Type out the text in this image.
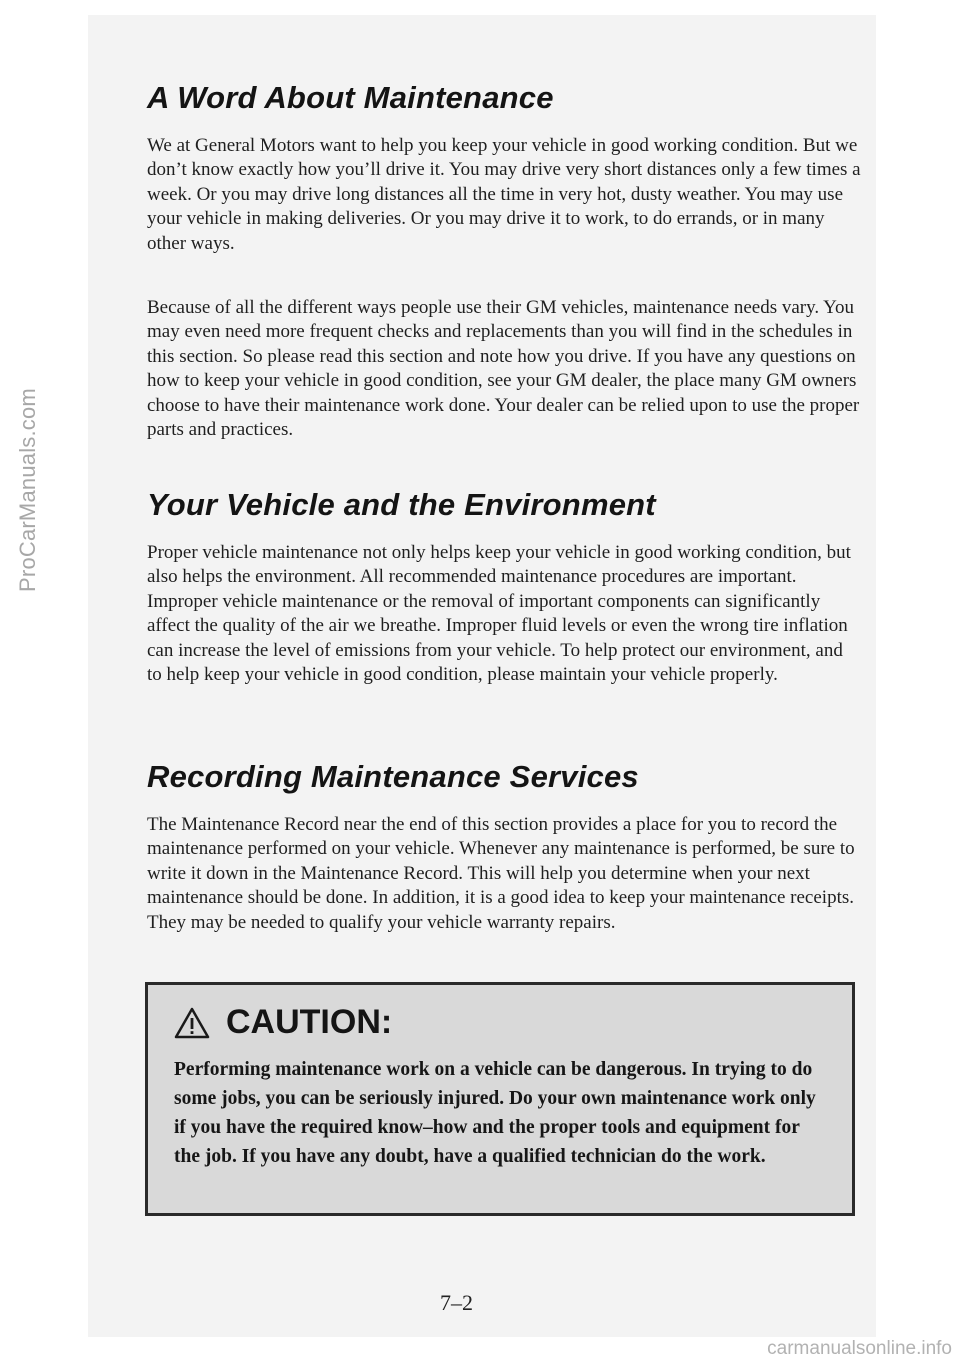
ProCarManuals.com
A Word About Maintenance

We at General Motors want to help you keep your vehicle in good working condition. But we don’t know exactly how you’ll drive it. You may drive very short distances only a few times a week. Or you may drive long distances all the time in very hot, dusty weather. You may use your vehicle in making deliveries. Or you may drive it to work, to do errands, or in many other ways.

Because of all the different ways people use their GM vehicles, maintenance needs vary. You may even need more frequent checks and replacements than you will find in the schedules in this section. So please read this section and note how you drive. If you have any questions on how to keep your vehicle in good condition, see your GM dealer, the place many GM owners choose to have their maintenance work done. Your dealer can be relied upon to use the proper parts and practices.

Your Vehicle and the Environment

Proper vehicle maintenance not only helps keep your vehicle in good working condition, but also helps the environment. All recommended maintenance procedures are important. Improper vehicle maintenance or the removal of important components can significantly affect the quality of the air we breathe. Improper fluid levels or even the wrong tire inflation can increase the level of emissions from your vehicle. To help protect our environment, and to help keep your vehicle in good condition, please maintain your vehicle properly.

Recording Maintenance Services

The Maintenance Record near the end of this section provides a place for you to record the maintenance performed on your vehicle. Whenever any maintenance is performed, be sure to write it down in the Maintenance Record. This will help you determine when your next maintenance should be done. In addition, it is a good idea to keep your maintenance receipts. They may be needed to qualify your vehicle warranty repairs.

CAUTION:
Performing maintenance work on a vehicle can be dangerous. In trying to do some jobs, you can be seriously injured. Do your own maintenance work only if you have the required know–how and the proper tools and equipment for the job. If you have any doubt, have a qualified technician do the work.
7–2
carmanualsonline.info
